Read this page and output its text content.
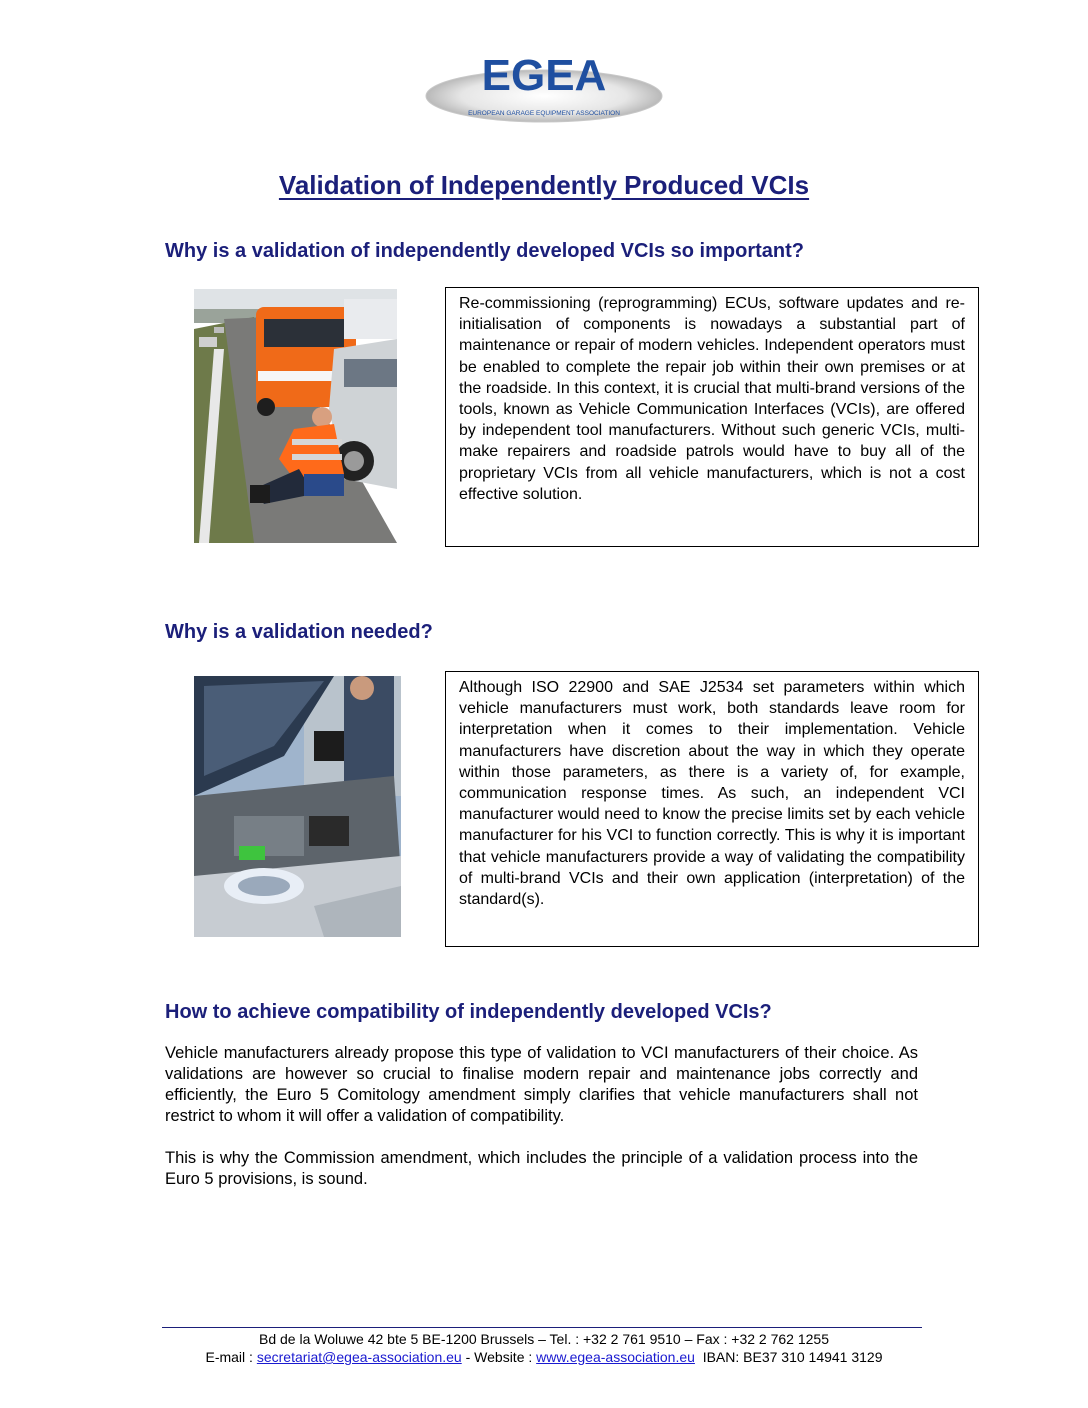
EGEA
EUROPEAN GARAGE EQUIPMENT ASSOCIATION
Validation of Independently Produced VCIs
Why is a validation of independently developed VCIs so important?
Re-commissioning (reprogramming) ECUs, software updates and re-initialisation of components is nowadays a substantial part of maintenance or repair of modern vehicles. Independent operators must be enabled to complete the repair job within their own premises or at the roadside. In this context, it is crucial that multi-brand versions of the tools, known as Vehicle Communication Interfaces (VCIs), are offered by independent tool manufacturers. Without such generic VCIs, multi-make repairers and roadside patrols would have to buy all of the proprietary VCIs from all vehicle manufacturers, which is not a cost effective solution.
Why is a validation needed?
Although ISO 22900 and SAE J2534 set parameters within which vehicle manufacturers must work, both standards leave room for interpretation when it comes to their implementation. Vehicle manufacturers have discretion about the way in which they operate within those parameters, as there is a variety of, for example, communication response times. As such, an independent VCI manufacturer would need to know the precise limits set by each vehicle manufacturer for his VCI to function correctly. This is why it is important that vehicle manufacturers provide a way of validating the compatibility of multi-brand VCIs and their own application (interpretation) of the standard(s).
How to achieve compatibility of independently developed VCIs?
Vehicle manufacturers already propose this type of validation to VCI manufacturers of their choice. As validations are however so crucial to finalise modern repair and maintenance jobs correctly and efficiently, the Euro 5 Comitology amendment simply clarifies that vehicle manufacturers shall not restrict to whom it will offer a validation of compatibility.
This is why the Commission amendment, which includes the principle of a validation process into the Euro 5 provisions, is sound.
Bd de la Woluwe 42 bte 5 BE-1200 Brussels – Tel. : +32 2 761 9510 – Fax : +32 2 762 1255
E-mail : secretariat@egea-association.eu - Website : www.egea-association.eu  IBAN: BE37 310 14941 3129
